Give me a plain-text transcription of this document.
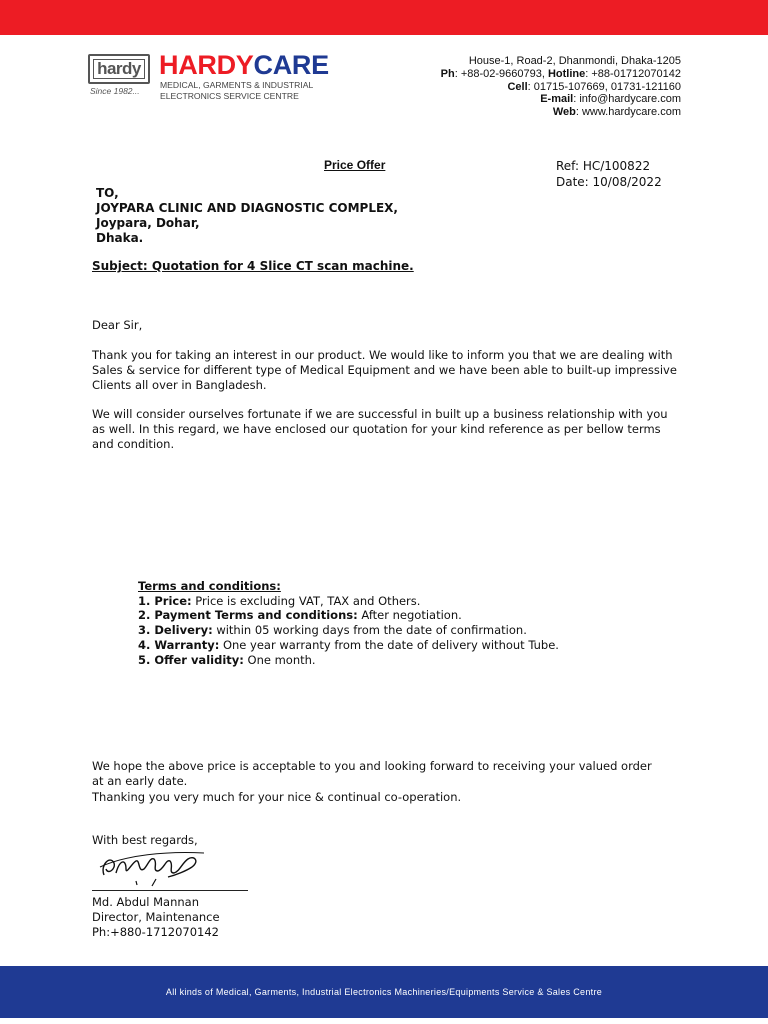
hardy
Since 1982...
HARDYCARE
MEDICAL, GARMENTS & INDUSTRIAL
ELECTRONICS SERVICE CENTRE
House-1, Road-2, Dhanmondi, Dhaka-1205
Ph: +88-02-9660793, Hotline: +88-01712070142
Cell: 01715-107669, 01731-121160
E-mail: info@hardycare.com
Web: www.hardycare.com
Price Offer	Ref: HC/100822
Date: 10/08/2022
TO,
JOYPARA CLINIC AND DIAGNOSTIC COMPLEX,
Joypara, Dohar,
Dhaka.
Subject: Quotation for 4 Slice CT scan machine.
Dear Sir,
Thank you for taking an interest in our product. We would like to inform you that we are dealing with Sales & service for different type of Medical Equipment and we have been able to built-up impressive Clients all over in Bangladesh.
We will consider ourselves fortunate if we are successful in built up a business relationship with you as well. In this regard, we have enclosed our quotation for your kind reference as per bellow terms and condition.
Terms and conditions:
1. Price: Price is excluding VAT, TAX and Others.
2. Payment Terms and conditions: After negotiation.
3. Delivery: within 05 working days from the date of confirmation.
4. Warranty: One year warranty from the date of delivery without Tube.
5. Offer validity: One month.
We hope the above price is acceptable to you and looking forward to receiving your valued order at an early date.
Thanking you very much for your nice & continual co-operation.
With best regards,
Md. Abdul Mannan
Director, Maintenance
Ph:+880-1712070142
All kinds of Medical, Garments, Industrial Electronics Machineries/Equipments Service & Sales Centre
